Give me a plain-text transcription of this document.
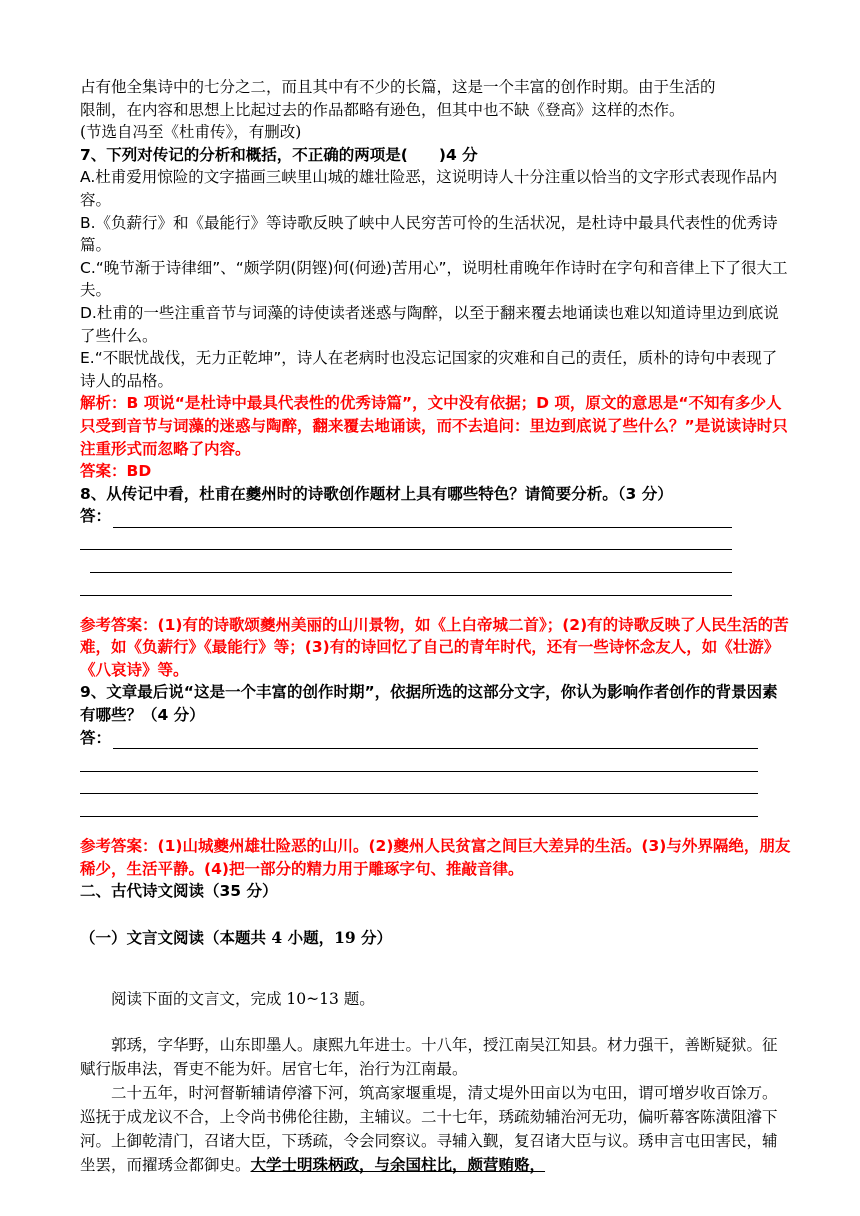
占有他全集诗中的七分之二，而且其中有不少的长篇，这是一个丰富的创作时期。由于生活的

限制，在内容和思想上比起过去的作品都略有逊色，但其中也不缺《登高》这样的杰作。

(节选自冯至《杜甫传》，有删改)

7、下列对传记的分析和概括，不正确的两项是(　　)4 分

A.杜甫爱用惊险的文字描画三峡里山城的雄壮险恶，这说明诗人十分注重以恰当的文字形式表现作品内容。

B.《负薪行》和《最能行》等诗歌反映了峡中人民穷苦可怜的生活状况，是杜诗中最具代表性的优秀诗篇。

C.“晚节渐于诗律细”、“颇学阴(阴铿)何(何逊)苦用心”，说明杜甫晚年作诗时在字句和音律上下了很大工夫。

D.杜甫的一些注重音节与词藻的诗使读者迷惑与陶醉，以至于翻来覆去地诵读也难以知道诗里边到底说了些什么。

E.“不眠忧战伐，无力正乾坤”，诗人在老病时也没忘记国家的灾难和自己的责任，质朴的诗句中表现了诗人的品格。

解析：B 项说“是杜诗中最具代表性的优秀诗篇”，文中没有依据；D 项，原文的意思是“不知有多少人只受到音节与词藻的迷惑与陶醉，翻来覆去地诵读，而不去追问：里边到底说了些什么？”是说读诗时只注重形式而忽略了内容。

答案：BD

8、从传记中看，杜甫在夔州时的诗歌创作题材上具有哪些特色？请简要分析。（3 分）

答：

参考答案：(1)有的诗歌颂夔州美丽的山川景物，如《上白帝城二首》；(2)有的诗歌反映了人民生活的苦难，如《负薪行》《最能行》等；(3)有的诗回忆了自己的青年时代，还有一些诗怀念友人，如《壮游》《八哀诗》等。

9、文章最后说“这是一个丰富的创作时期”，依据所选的这部分文字，你认为影响作者创作的背景因素有哪些？（4 分）

答：

参考答案：(1)山城夔州雄壮险恶的山川。(2)夔州人民贫富之间巨大差异的生活。(3)与外界隔绝，朋友稀少，生活平静。(4)把一部分的精力用于雕琢字句、推敲音律。

二、古代诗文阅读（35 分）

（一）文言文阅读（本题共 4 小题，19 分）

阅读下面的文言文，完成 10~13 题。

郭琇，字华野，山东即墨人。康熙九年进士。十八年，授江南吴江知县。材力强干，善断疑狱。征赋行版串法，胥吏不能为奸。居官七年，治行为江南最。

二十五年，时河督靳辅请停濬下河，筑高家堰重堤，清丈堤外田亩以为屯田，谓可增岁收百馀万。巡抚于成龙议不合，上令尚书佛伦往勘，主辅议。二十七年，琇疏劾辅治河无功，偏听幕客陈潢阻濬下河。上御乾清门，召诸大臣，下琇疏，令会同察议。寻辅入觐，复召诸大臣与议。琇申言屯田害民，辅坐罢，而擢琇佥都御史。大学士明珠柄政，与余国柱比，颇营贿赂，
